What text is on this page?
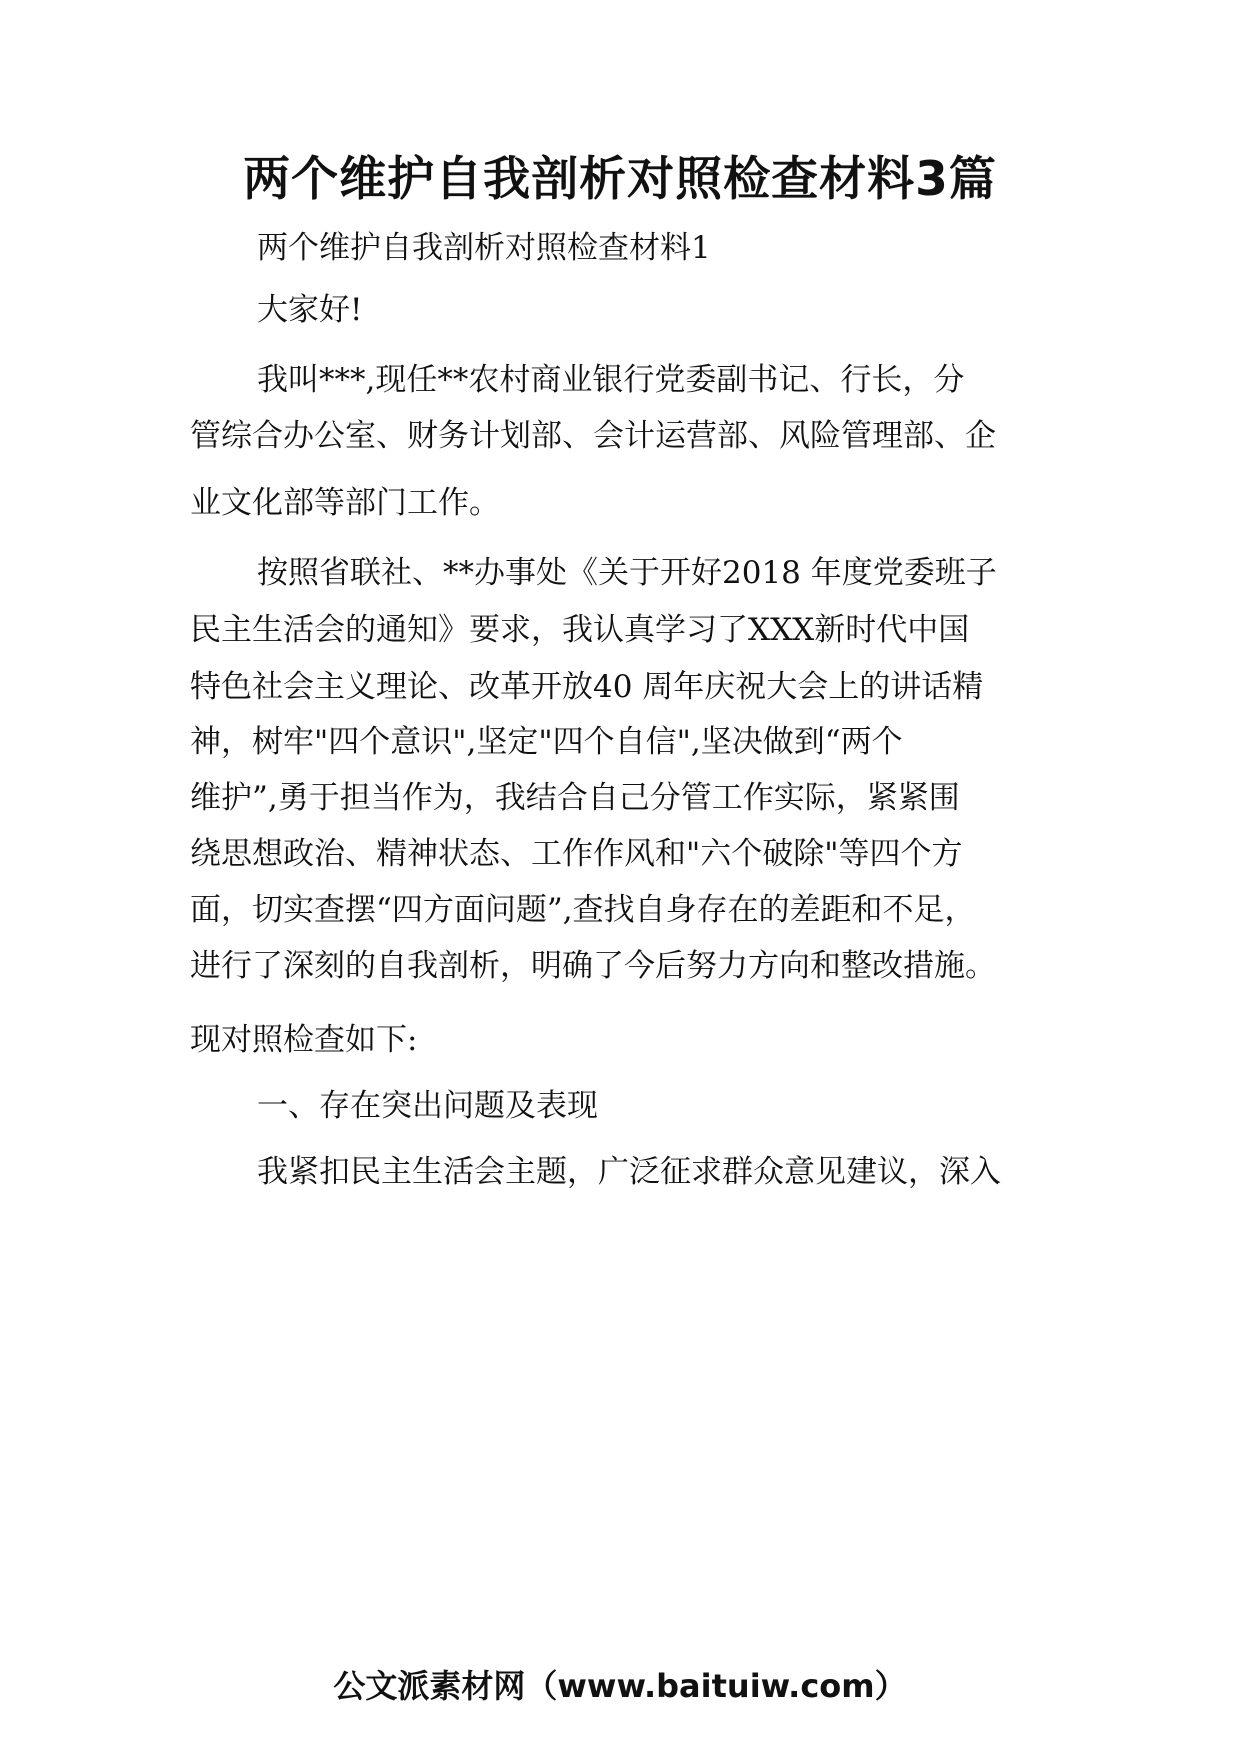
两个维护自我剖析对照检查材料3篇

两个维护自我剖析对照检查材料1

大家好!

我叫***,现任**农村商业银行党委副书记、行长，分

管综合办公室、财务计划部、会计运营部、风险管理部、企

业文化部等部门工作。

按照省联社、**办事处《关于开好2018 年度党委班子

民主生活会的通知》要求，我认真学习了XXX新时代中国

特色社会主义理论、改革开放40 周年庆祝大会上的讲话精

神，树牢"四个意识",坚定"四个自信",坚决做到“两个

维护”,勇于担当作为，我结合自己分管工作实际，紧紧围

绕思想政治、精神状态、工作作风和"六个破除"等四个方

面，切实查摆“四方面问题”,查找自身存在的差距和不足，

进行了深刻的自我剖析，明确了今后努力方向和整改措施。

现对照检查如下:

一、存在突出问题及表现

我紧扣民主生活会主题，广泛征求群众意见建议，深入

公文派素材网（www.baituiw.com）
